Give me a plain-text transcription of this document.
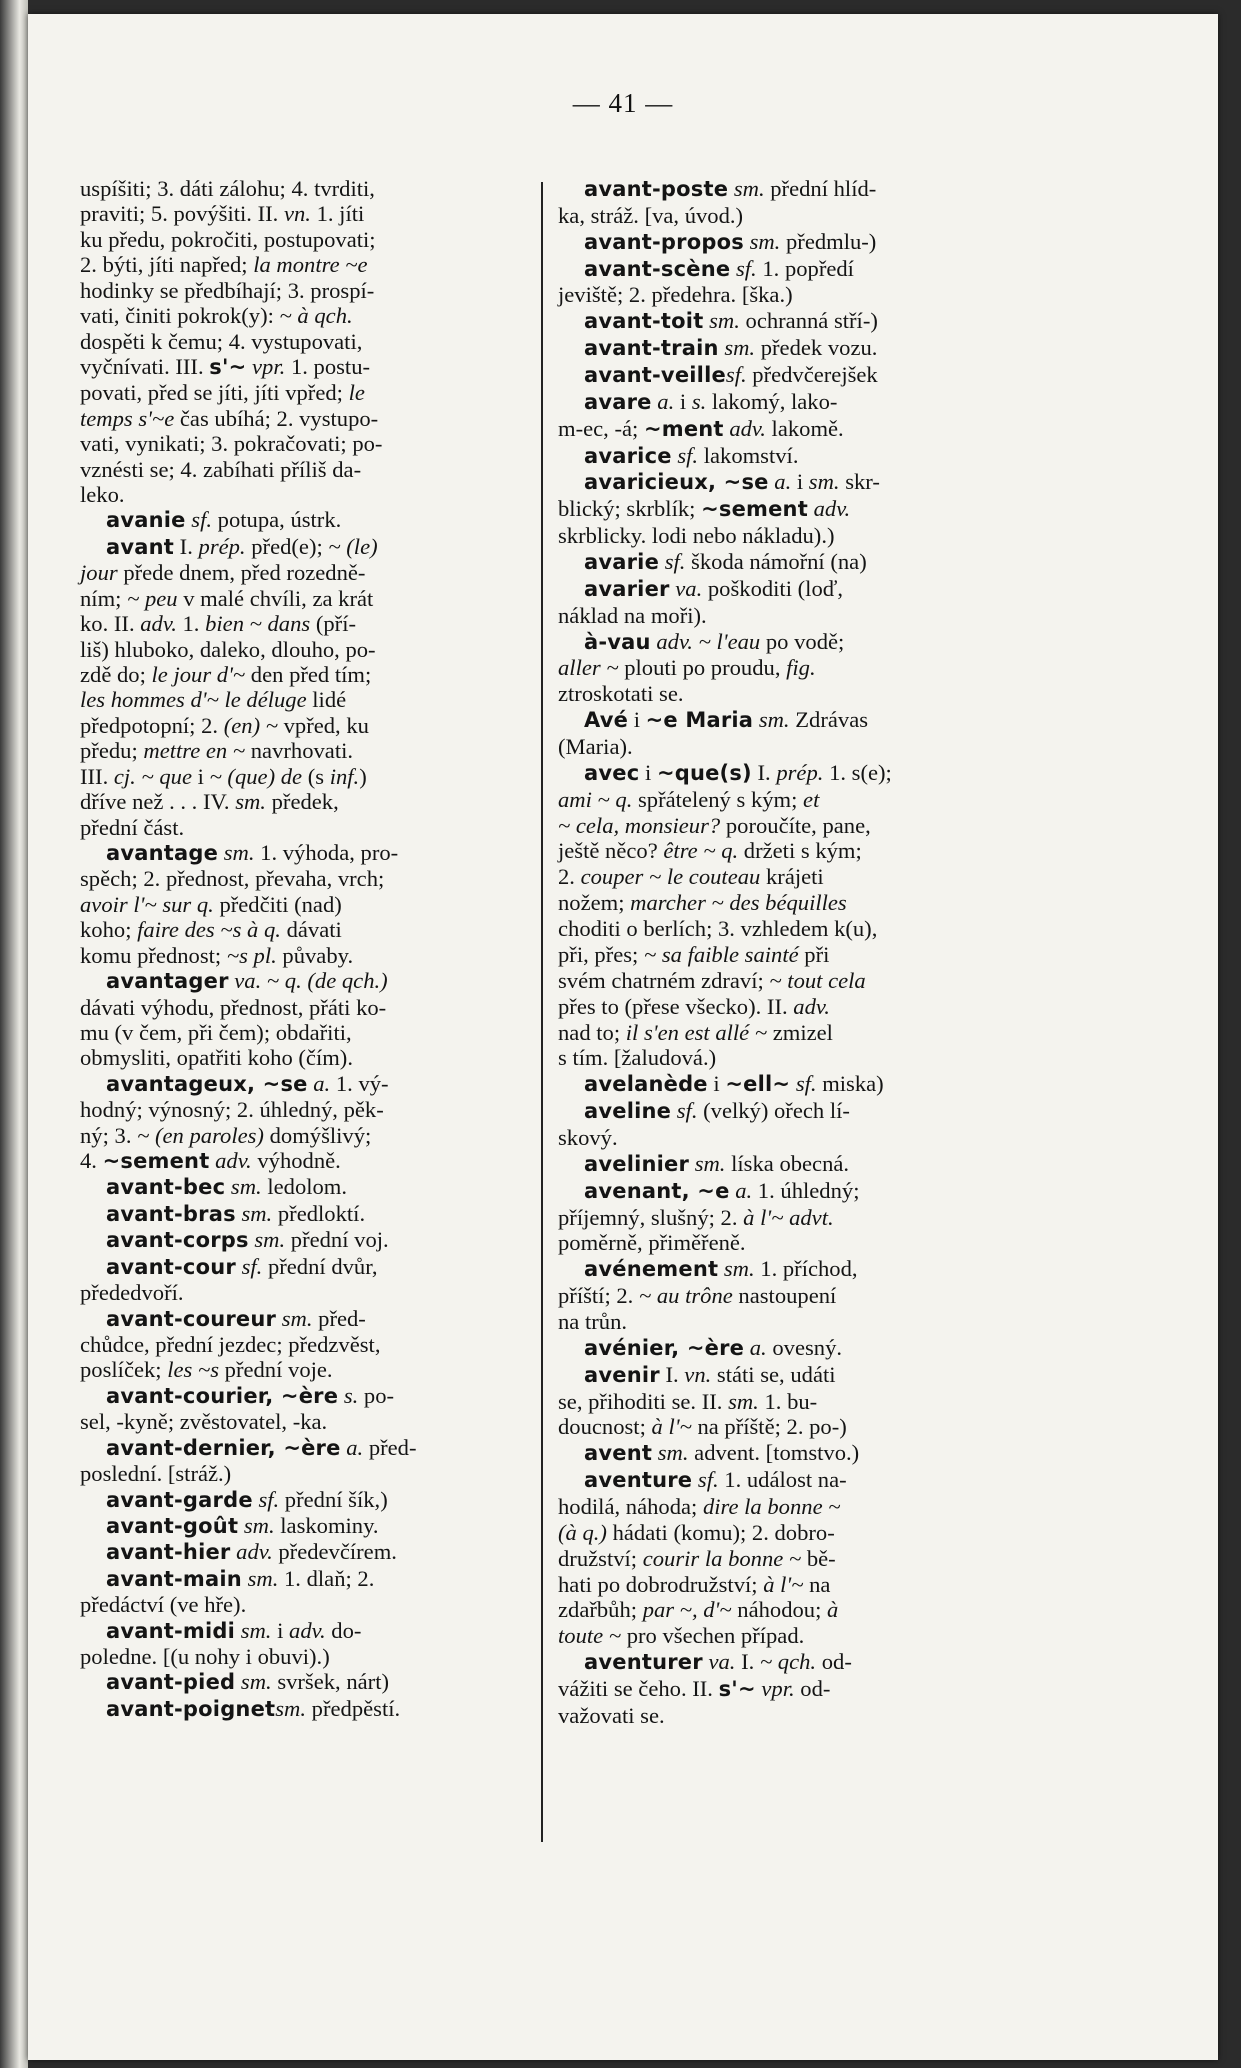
— 41 —
uspíšiti; 3. dáti zálohu; 4. tvrditi,
praviti; 5. povýšiti. II. vn. 1. jíti
ku předu, pokročiti, postupovati;
2. býti, jíti napřed; la montre ~e
hodinky se předbíhají; 3. prospí-
vati, činiti pokrok(y): ~ à qch.
dospěti k čemu; 4. vystupovati,
vyčnívati. III. s'~ vpr. 1. postu-
povati, před se jíti, jíti vpřed; le
temps s'~e čas ubíhá; 2. vystupo-
vati, vynikati; 3. pokračovati; po-
vznésti se; 4. zabíhati příliš da-
leko.
avanie sf. potupa, ústrk.
avant I. prép. před(e); ~ (le)
jour přede dnem, před rozedně-
ním; ~ peu v malé chvíli, za krát
ko. II. adv. 1. bien ~ dans (pří-
liš) hluboko, daleko, dlouho, po-
zdě do; le jour d'~ den před tím;
les hommes d'~ le déluge lidé
předpotopní; 2. (en) ~ vpřed, ku
předu; mettre en ~ navrhovati.
III. cj. ~ que i ~ (que) de (s inf.)
dříve než . . . IV. sm. předek,
přední část.
avantage sm. 1. výhoda, pro-
spěch; 2. přednost, převaha, vrch;
avoir l'~ sur q. předčiti (nad)
koho; faire des ~s à q. dávati
komu přednost; ~s pl. půvaby.
avantager va. ~ q. (de qch.)
dávati výhodu, přednost, přáti ko-
mu (v čem, při čem); obdařiti,
obmysliti, opatřiti koho (čím).
avantageux, ~se a. 1. vý-
hodný; výnosný; 2. úhledný, pěk-
ný; 3. ~ (en paroles) domýšlivý;
4. ~sement adv. výhodně.
avant-bec sm. ledolom.
avant-bras sm. předloktí.
avant-corps sm. přední voj.
avant-cour sf. přední dvůr,
přededvoří.
avant-coureur sm. před-
chůdce, přední jezdec; předzvěst,
poslíček; les ~s přední voje.
avant-courier, ~ère s. po-
sel, -kyně; zvěstovatel, -ka.
avant-dernier, ~ère a. před-
poslední. [stráž.)
avant-garde sf. přední šík,)
avant-goût sm. laskominy.
avant-hier adv. předevčírem.
avant-main sm. 1. dlaň; 2.
předáctví (ve hře).
avant-midi sm. i adv. do-
poledne. [(u nohy i obuvi).)
avant-pied sm. svršek, nárt)
avant-poignetsm. předpěstí.
avant-poste sm. přední hlíd-
ka, stráž. [va, úvod.)
avant-propos sm. předmlu-)
avant-scène sf. 1. popředí
jeviště; 2. předehra. [ška.)
avant-toit sm. ochranná stří-)
avant-train sm. předek vozu.
avant-veillesf. předvčerejšek
avare a. i s. lakomý, lako-
m-ec, -á; ~ment adv. lakomě.
avarice sf. lakomství.
avaricieux, ~se a. i sm. skr-
blický; skrblík; ~sement adv.
skrblicky. lodi nebo nákladu).)
avarie sf. škoda námořní (na)
avarier va. poškoditi (loď,
náklad na moři).
à-vau adv. ~ l'eau po vodě;
aller ~ plouti po proudu, fig.
ztroskotati se.
Avé i ~e Maria sm. Zdrávas
(Maria).
avec i ~que(s) I. prép. 1. s(e);
ami ~ q. spřátelený s kým; et
~ cela, monsieur? poroučíte, pane,
ještě něco? être ~ q. držeti s kým;
2. couper ~ le couteau krájeti
nožem; marcher ~ des béquilles
choditi o berlích; 3. vzhledem k(u),
při, přes; ~ sa faible sainté při
svém chatrném zdraví; ~ tout cela
přes to (přese všecko). II. adv.
nad to; il s'en est allé ~ zmizel
s tím. [žaludová.)
avelanède i ~ell~ sf. miska)
aveline sf. (velký) ořech lí-
skový.
avelinier sm. líska obecná.
avenant, ~e a. 1. úhledný;
příjemný, slušný; 2. à l'~ advt.
poměrně, přiměřeně.
avénement sm. 1. příchod,
příští; 2. ~ au trône nastoupení
na trůn.
avénier, ~ère a. ovesný.
avenir I. vn. státi se, udáti
se, přihoditi se. II. sm. 1. bu-
doucnost; à l'~ na příště; 2. po-)
avent sm. advent. [tomstvo.)
aventure sf. 1. událost na-
hodilá, náhoda; dire la bonne ~
(à q.) hádati (komu); 2. dobro-
družství; courir la bonne ~ bě-
hati po dobrodružství; à l'~ na
zdařbůh; par ~, d'~ náhodou; à
toute ~ pro všechen případ.
aventurer va. I. ~ qch. od-
vážiti se čeho. II. s'~ vpr. od-
važovati se.
